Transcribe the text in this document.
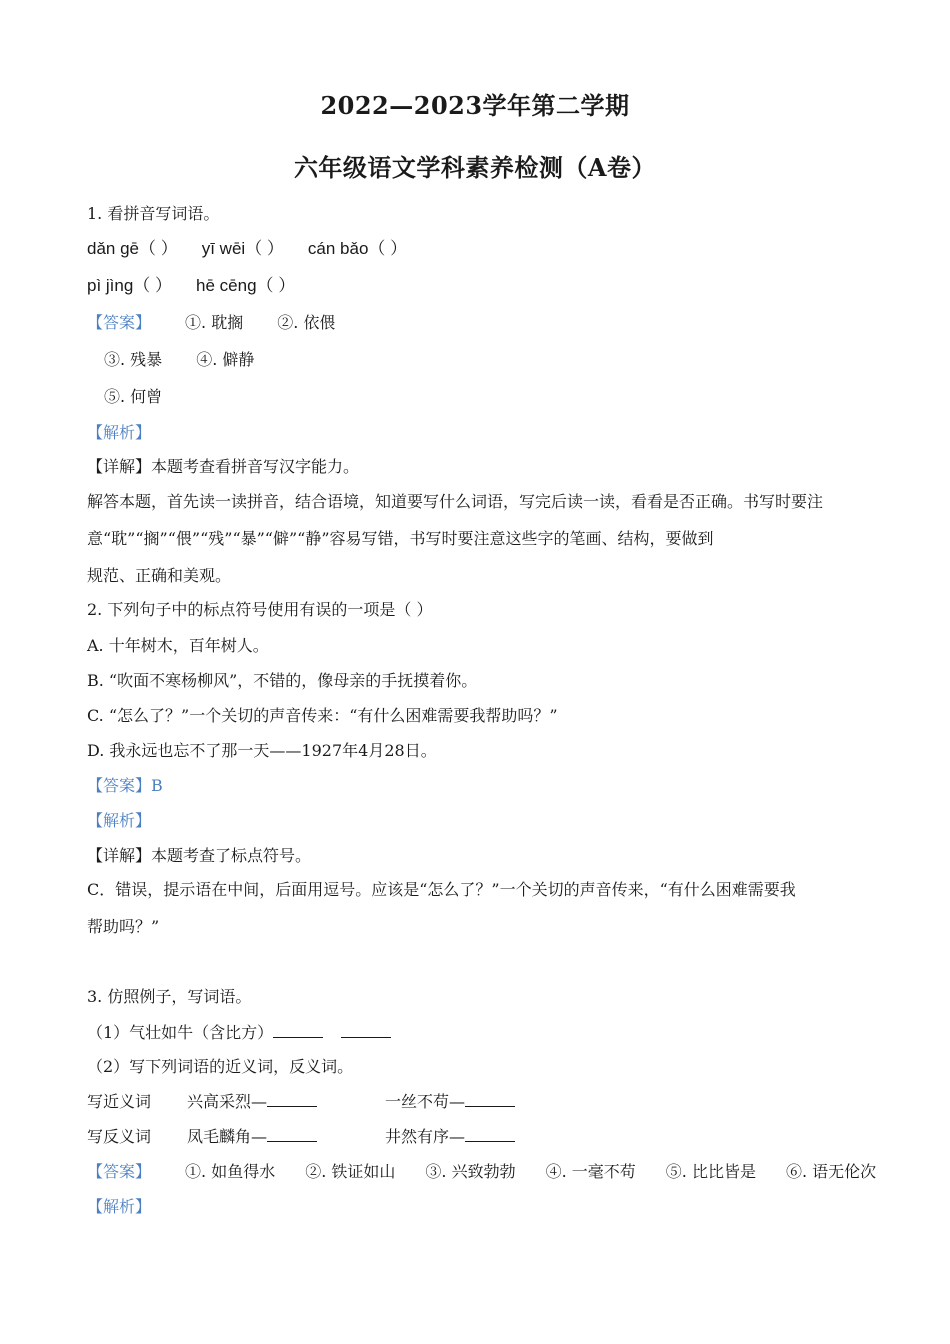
2022—2023学年第二学期
六年级语文学科素养检测（A卷）
1. 看拼音写词语。
dǎn gē（ ） yī wēi（ ） cán bǎo（ ）
pì jìng（ ） hē cēng（ ）
【答案】 ①. 耽搁 ②. 依偎
③. 残暴 ④. 僻静
⑤. 何曾
【解析】
【详解】本题考查看拼音写汉字能力。
解答本题，首先读一读拼音，结合语境，知道要写什么词语，写完后读一读，看看是否正确。书写时要注
意“耽”“搁”“偎”“残”“暴”“僻”“静”容易写错，书写时要注意这些字的笔画、结构，要做到
规范、正确和美观。
2. 下列句子中的标点符号使用有误的一项是（ ）
A. 十年树木，百年树人。
B. “吹面不寒杨柳风”，不错的，像母亲的手抚摸着你。
C. “怎么了？”一个关切的声音传来：“有什么困难需要我帮助吗？”
D. 我永远也忘不了那一天——1927年4月28日。
【答案】B
【解析】
【详解】本题考查了标点符号。
C．错误，提示语在中间，后面用逗号。应该是“怎么了？”一个关切的声音传来，“有什么困难需要我
帮助吗？”
3. 仿照例子，写词语。
（1）气壮如牛（含比方）
（2）写下列词语的近义词，反义词。
写近义词 兴高采烈—	一丝不苟—
写反义词 凤毛麟角—	井然有序—
【答案】 ①. 如鱼得水 ②. 铁证如山 ③. 兴致勃勃 ④. 一毫不苟 ⑤. 比比皆是 ⑥. 语无伦次
【解析】
